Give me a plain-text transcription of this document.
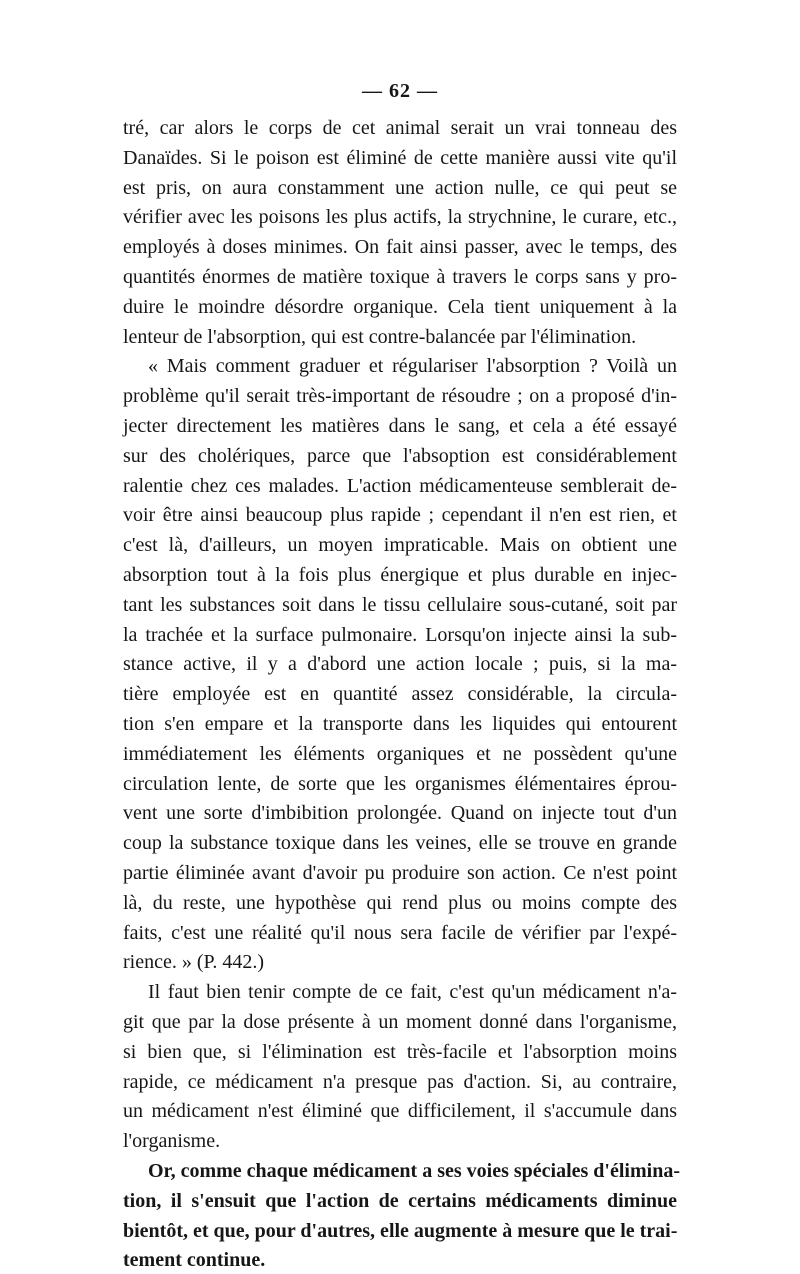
— 62 —
tré, car alors le corps de cet animal serait un vrai tonneau des
Danaïdes. Si le poison est éliminé de cette manière aussi vite qu'il
est pris, on aura constamment une action nulle, ce qui peut se
vérifier avec les poisons les plus actifs, la strychnine, le curare, etc.,
employés à doses minimes. On fait ainsi passer, avec le temps, des
quantités énormes de matière toxique à travers le corps sans y pro-
duire le moindre désordre organique. Cela tient uniquement à la
lenteur de l'absorption, qui est contre-balancée par l'élimination.
« Mais comment graduer et régulariser l'absorption ? Voilà un
problème qu'il serait très-important de résoudre ; on a proposé d'in-
jecter directement les matières dans le sang, et cela a été essayé
sur des cholériques, parce que l'absoption est considérablement
ralentie chez ces malades. L'action médicamenteuse semblerait de-
voir être ainsi beaucoup plus rapide ; cependant il n'en est rien, et
c'est là, d'ailleurs, un moyen impraticable. Mais on obtient une
absorption tout à la fois plus énergique et plus durable en injec-
tant les substances soit dans le tissu cellulaire sous-cutané, soit par
la trachée et la surface pulmonaire. Lorsqu'on injecte ainsi la sub-
stance active, il y a d'abord une action locale ; puis, si la ma-
tière employée est en quantité assez considérable, la circula-
tion s'en empare et la transporte dans les liquides qui entourent
immédiatement les éléments organiques et ne possèdent qu'une
circulation lente, de sorte que les organismes élémentaires éprou-
vent une sorte d'imbibition prolongée. Quand on injecte tout d'un
coup la substance toxique dans les veines, elle se trouve en grande
partie éliminée avant d'avoir pu produire son action. Ce n'est point
là, du reste, une hypothèse qui rend plus ou moins compte des
faits, c'est une réalité qu'il nous sera facile de vérifier par l'expé-
rience. » (P. 442.)
Il faut bien tenir compte de ce fait, c'est qu'un médicament n'a-
git que par la dose présente à un moment donné dans l'organisme,
si bien que, si l'élimination est très-facile et l'absorption moins
rapide, ce médicament n'a presque pas d'action. Si, au contraire,
un médicament n'est éliminé que difficilement, il s'accumule dans
l'organisme.
Or, comme chaque médicament a ses voies spéciales d'élimina-
tion, il s'ensuit que l'action de certains médicaments diminue
bientôt, et que, pour d'autres, elle augmente à mesure que le trai-
tement continue.
